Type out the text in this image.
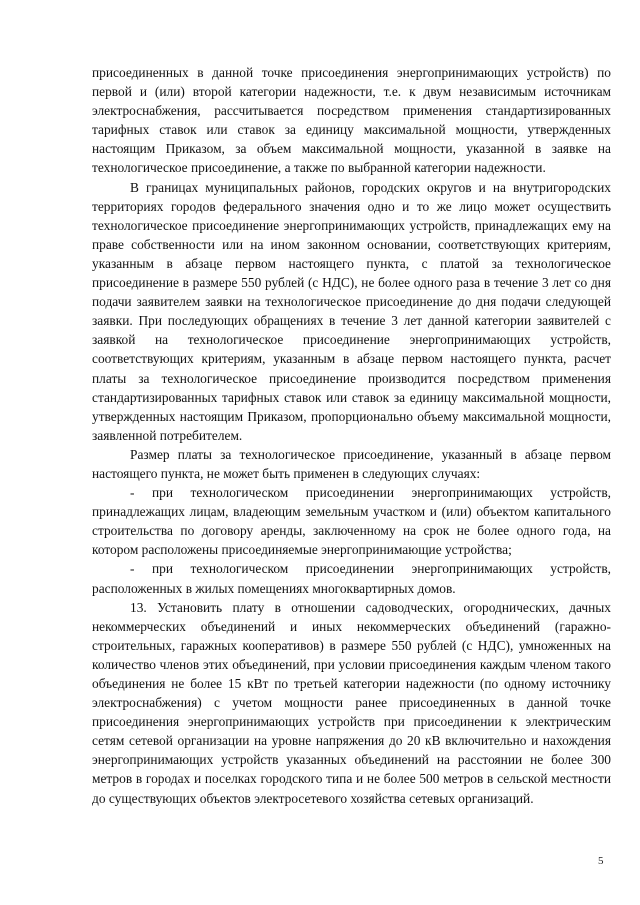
присоединенных в данной точке присоединения энергопринимающих устройств) по первой и (или) второй категории надежности, т.е. к двум независимым источникам электроснабжения, рассчитывается посредством применения стандартизированных тарифных ставок или ставок за единицу максимальной мощности, утвержденных настоящим Приказом, за объем максимальной мощности, указанной в заявке на технологическое присоединение, а также по выбранной категории надежности.

В границах муниципальных районов, городских округов и на внутригородских территориях городов федерального значения одно и то же лицо может осуществить технологическое присоединение энергопринимающих устройств, принадлежащих ему на праве собственности или на ином законном основании, соответствующих критериям, указанным в абзаце первом настоящего пункта, с платой за технологическое присоединение в размере 550 рублей (с НДС), не более одного раза в течение 3 лет со дня подачи заявителем заявки на технологическое присоединение до дня подачи следующей заявки. При последующих обращениях в течение 3 лет данной категории заявителей с заявкой на технологическое присоединение энергопринимающих устройств, соответствующих критериям, указанным в абзаце первом настоящего пункта, расчет платы за технологическое присоединение производится посредством применения стандартизированных тарифных ставок или ставок за единицу максимальной мощности, утвержденных настоящим Приказом, пропорционально объему максимальной мощности, заявленной потребителем.

Размер платы за технологическое присоединение, указанный в абзаце первом настоящего пункта, не может быть применен в следующих случаях:

- при технологическом присоединении энергопринимающих устройств, принадлежащих лицам, владеющим земельным участком и (или) объектом капитального строительства по договору аренды, заключенному на срок не более одного года, на котором расположены присоединяемые энергопринимающие устройства;

- при технологическом присоединении энергопринимающих устройств, расположенных в жилых помещениях многоквартирных домов.

13. Установить плату в отношении садоводческих, огороднических, дачных некоммерческих объединений и иных некоммерческих объединений (гаражно-строительных, гаражных кооперативов) в размере 550 рублей (с НДС), умноженных на количество членов этих объединений, при условии присоединения каждым членом такого объединения не более 15 кВт по третьей категории надежности (по одному источнику электроснабжения) с учетом мощности ранее присоединенных в данной точке присоединения энергопринимающих устройств при присоединении к электрическим сетям сетевой организации на уровне напряжения до 20 кВ включительно и нахождения энергопринимающих устройств указанных объединений на расстоянии не более 300 метров в городах и поселках городского типа и не более 500 метров в сельской местности до существующих объектов электросетевого хозяйства сетевых организаций.

5
